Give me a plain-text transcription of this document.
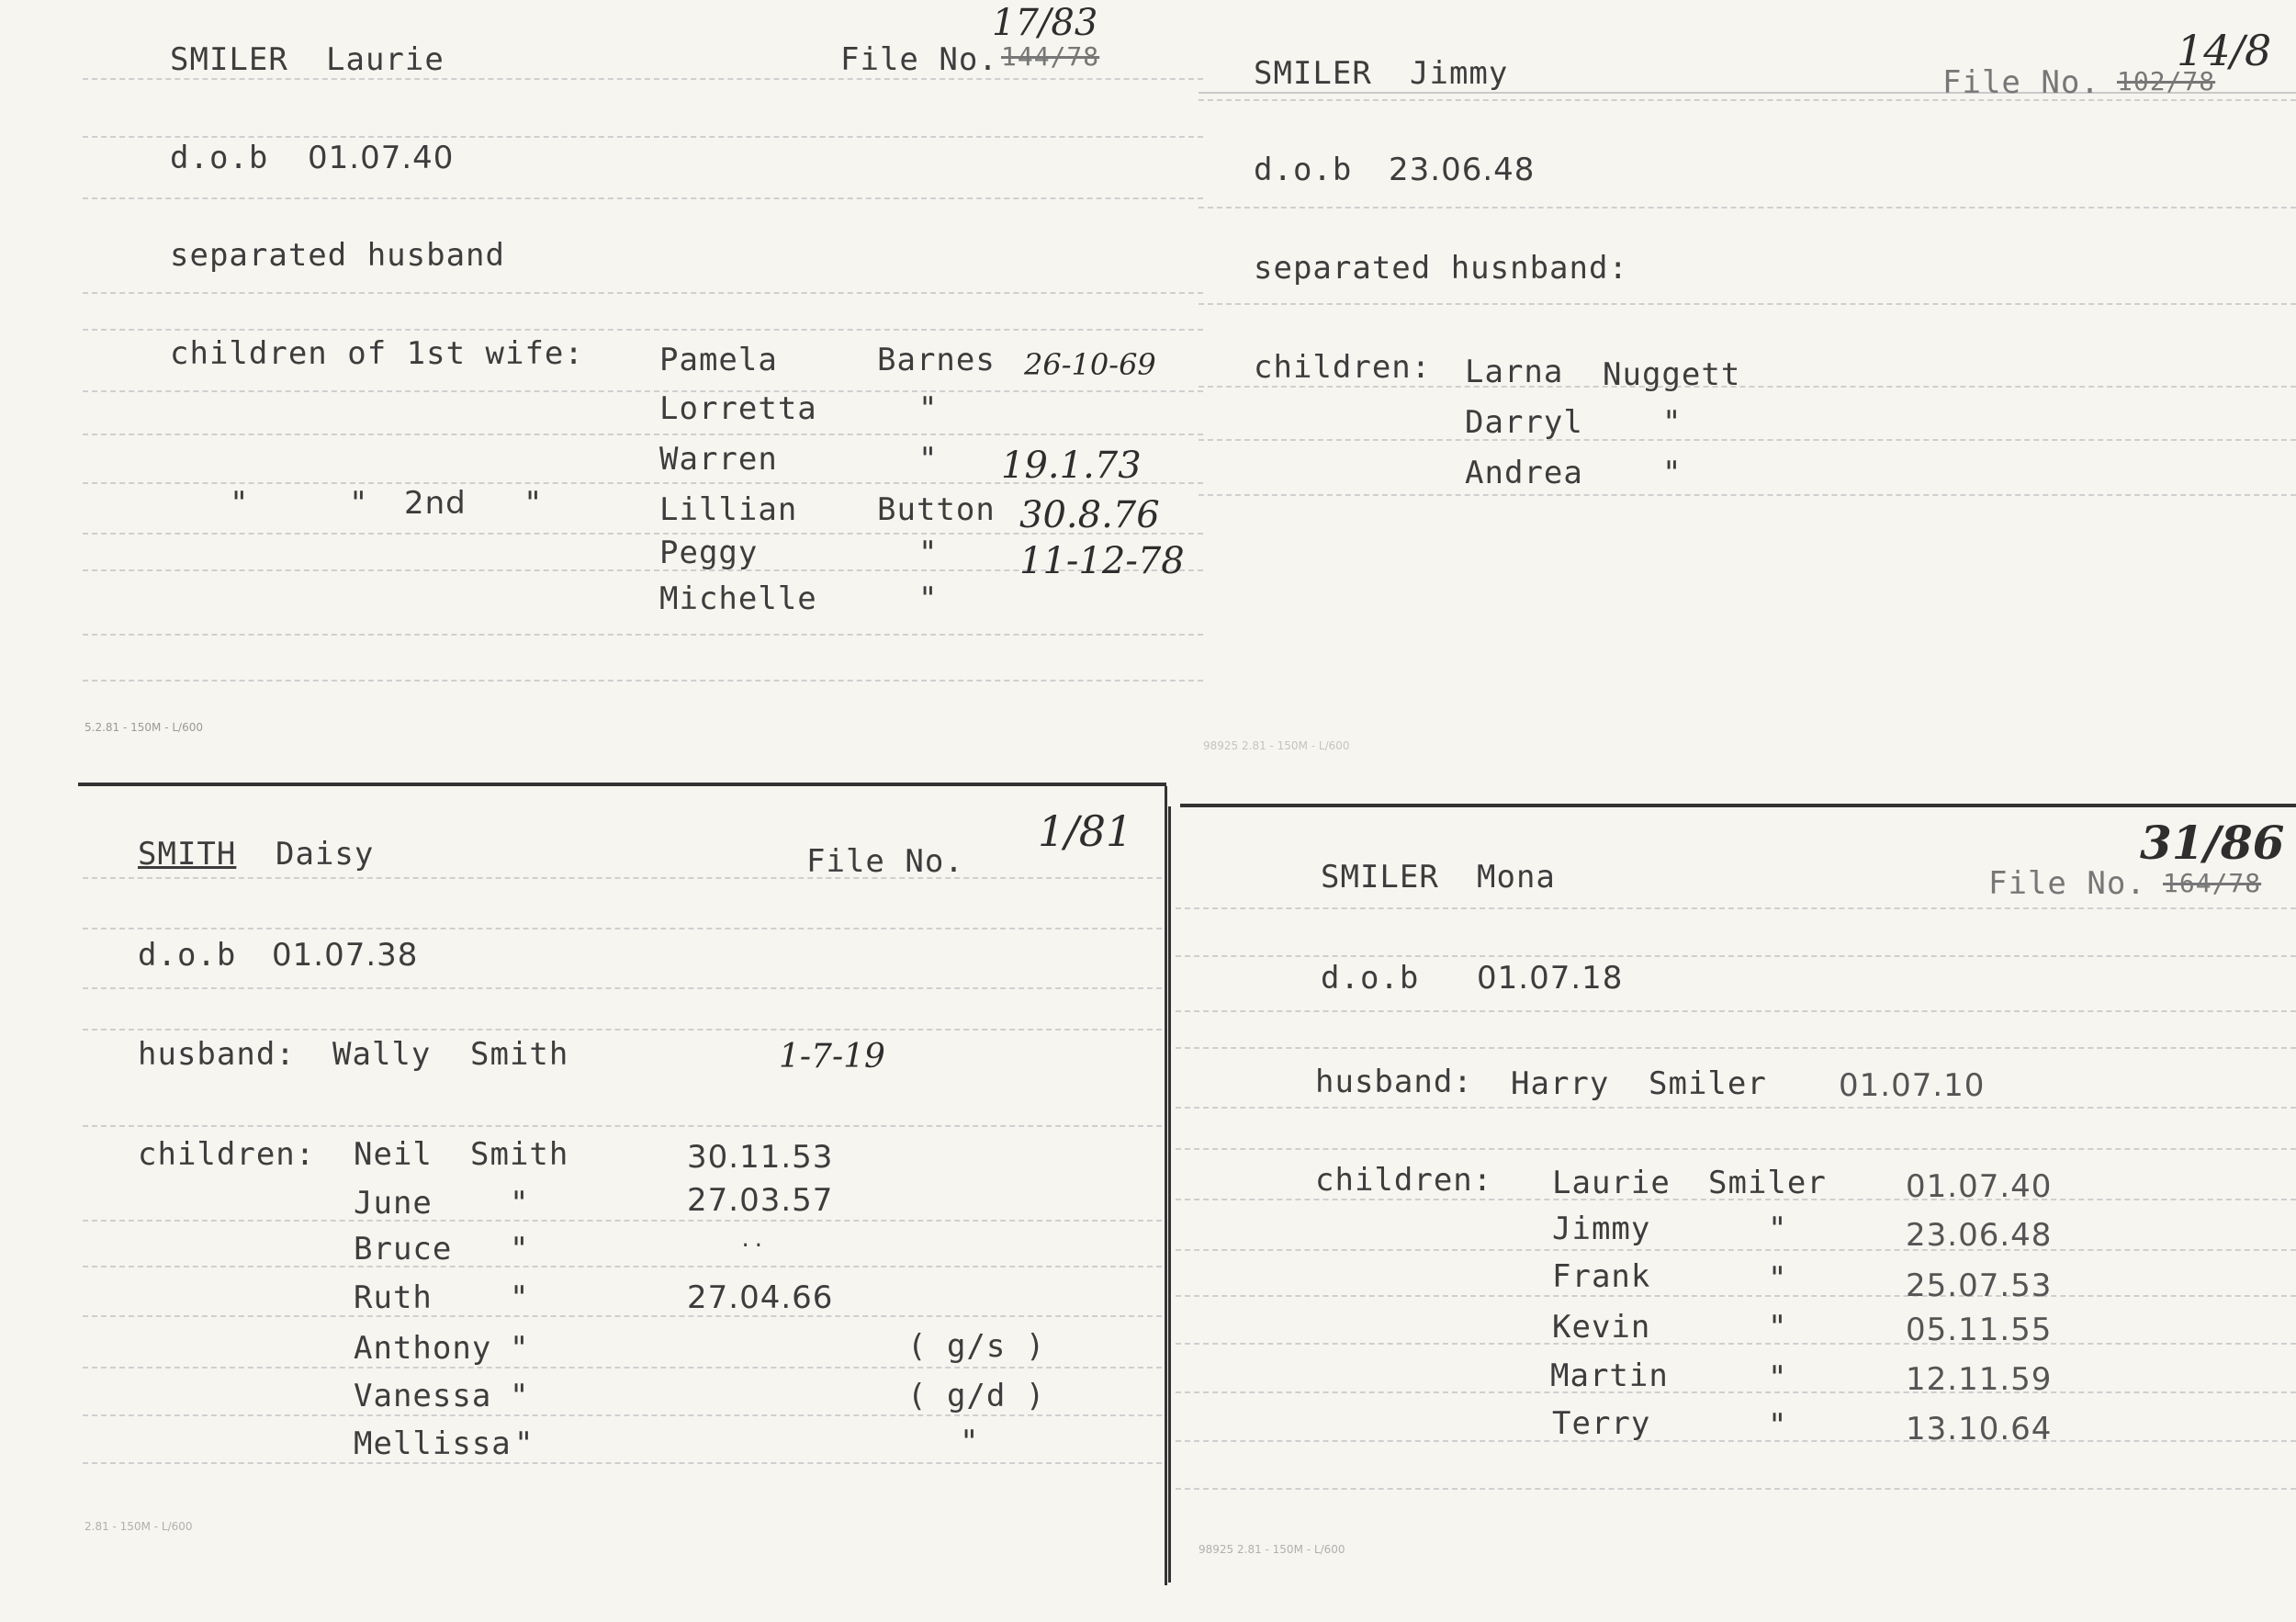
SMILER Laurie	File No. 144/78
17/83
d.o.b 01.07.40
separated husband
children of 1st wife: Pamela	Barnes 26-10-69
Lorretta	"
Warren	" 19.1.73
"	" 2nd "	Lillian	Button 30.8.76
Peggy	" 11-12-78
Michelle	"
5.2.81 - 150M - L/600
SMILER Jimmy	File No. 102/78
14/8
d.o.b 23.06.48
separated husnband:
children: Larna Nuggett
Darryl	"
Andrea	"
98925 2.81 - 150M - L/600
SMITH Daisy	File No.
1/81
d.o.b 01.07.38
husband: Wally Smith	1-7-19
children: Neil Smith	30.11.53
June "	27.03.57
Bruce "	..
Ruth "	27.04.66
Anthony "	( g/s )
Vanessa "	( g/d )
Mellissa "	"
2.81 - 150M - L/600
SMILER Mona	File No. 164/78
31/86
d.o.b 01.07.18
husband: Harry Smiler 01.07.10
children: Laurie Smiler	01.07.40
Jimmy	"	23.06.48
Frank	"	25.07.53
Kevin	"	05.11.55
Martin	"	12.11.59
Terry	"	13.10.64
98925 2.81 - 150M - L/600
